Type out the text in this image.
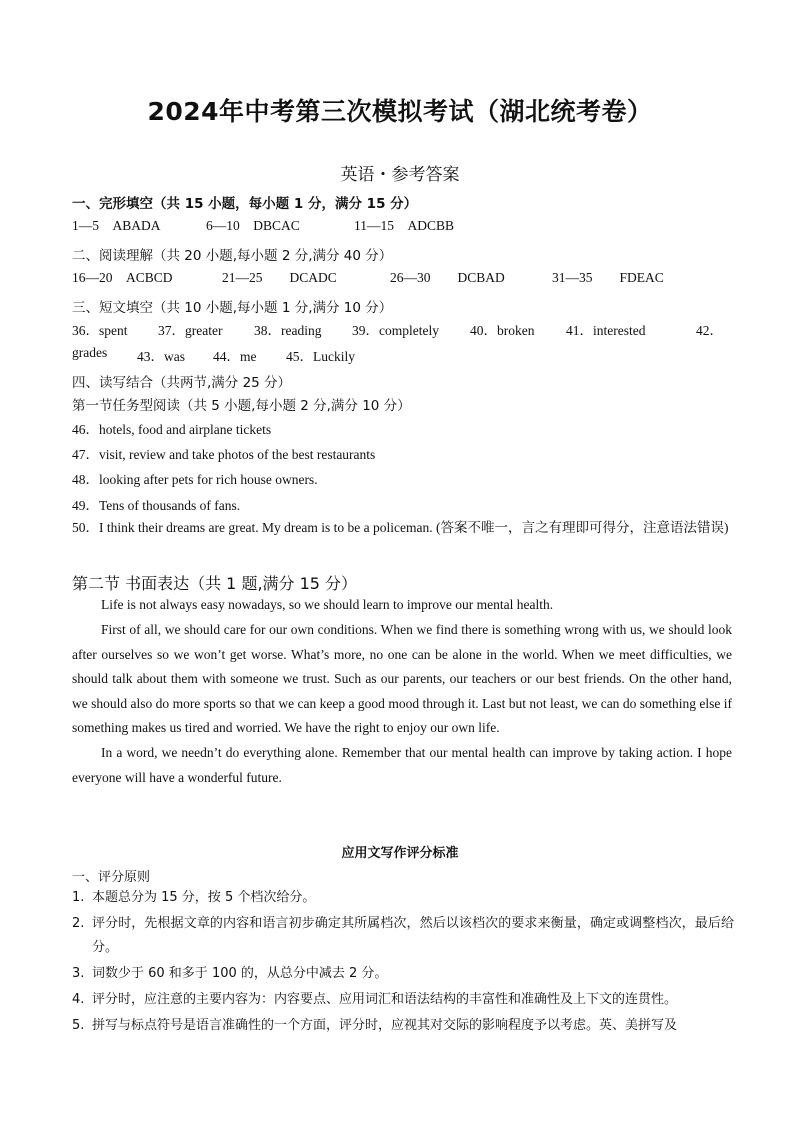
2024年中考第三次模拟考试（湖北统考卷）
英语・参考答案
一、完形填空（共 15 小题，每小题 1 分，满分 15 分）
1—5 ABADA	6—10 DBCAC	11—15 ADCBB
二、阅读理解（共 20 小题,每小题 2 分,满分 40 分）
16—20 ACBCD	21—25 DCADC	26—30 DCBAD	31—35 FDEAC
三、短文填空（共 10 小题,每小题 1 分,满分 10 分）
36．spent 37．greater 38．reading 39．completely 40．broken 41．interested	42．
grades 43．was 44．me 45．Luckily
四、读写结合（共两节,满分 25 分）
第一节任务型阅读（共 5 小题,每小题 2 分,满分 10 分）
46．hotels, food and airplane tickets
47．visit, review and take photos of the best restaurants
48．looking after pets for rich house owners.
49．Tens of thousands of fans.
50．I think their dreams are great. My dream is to be a policeman. (答案不唯一，言之有理即可得分，注意语法错误)
第二节 书面表达（共 1 题,满分 15 分）
Life is not always easy nowadays, so we should learn to improve our mental health.
First of all, we should care for our own conditions. When we find there is something wrong with us, we should look after ourselves so we won’t get worse. What’s more, no one can be alone in the world. When we meet difficulties, we should talk about them with someone we trust. Such as our parents, our teachers or our best friends. On the other hand, we should also do more sports so that we can keep a good mood through it. Last but not least, we can do something else if something makes us tired and worried. We have the right to enjoy our own life.
In a word, we needn’t do everything alone. Remember that our mental health can improve by taking action. I hope everyone will have a wonderful future.
应用文写作评分标准
一、评分原则
1. 本题总分为 15 分，按 5 个档次给分。
2. 评分时，先根据文章的内容和语言初步确定其所属档次，然后以该档次的要求来衡量，确定或调整档次，最后给分。
3. 词数少于 60 和多于 100 的，从总分中减去 2 分。
4. 评分时，应注意的主要内容为：内容要点、应用词汇和语法结构的丰富性和准确性及上下文的连贯性。
5. 拼写与标点符号是语言准确性的一个方面，评分时，应视其对交际的影响程度予以考虑。英、美拼写及
